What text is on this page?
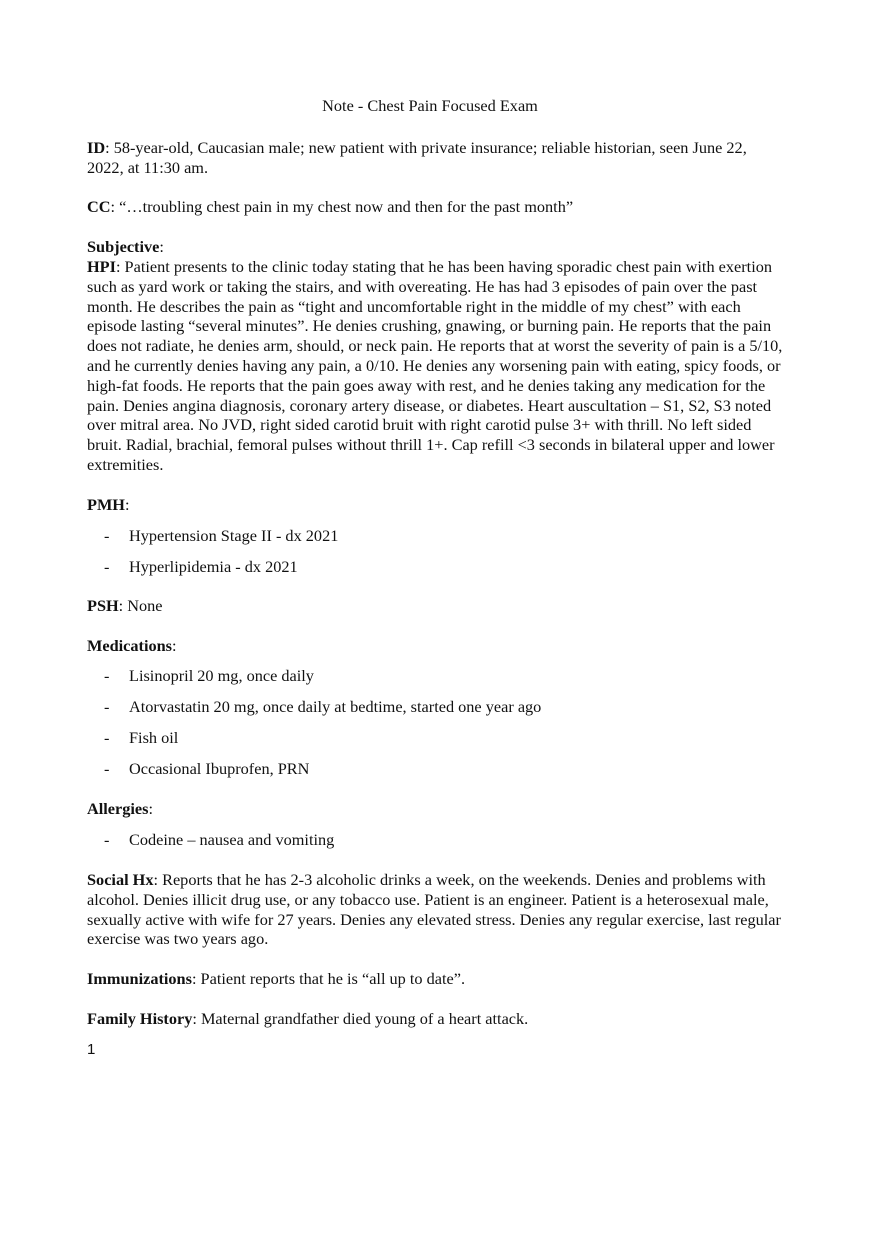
Note - Chest Pain Focused Exam
ID: 58-year-old, Caucasian male; new patient with private insurance; reliable historian, seen June 22, 2022, at 11:30 am.
CC: “…troubling chest pain in my chest now and then for the past month”
Subjective:
HPI: Patient presents to the clinic today stating that he has been having sporadic chest pain with exertion such as yard work or taking the stairs, and with overeating. He has had 3 episodes of pain over the past month. He describes the pain as “tight and uncomfortable right in the middle of my chest” with each episode lasting “several minutes”. He denies crushing, gnawing, or burning pain. He reports that the pain does not radiate, he denies arm, should, or neck pain. He reports that at worst the severity of pain is a 5/10, and he currently denies having any pain, a 0/10. He denies any worsening pain with eating, spicy foods, or high-fat foods. He reports that the pain goes away with rest, and he denies taking any medication for the pain. Denies angina diagnosis, coronary artery disease, or diabetes. Heart auscultation – S1, S2, S3 noted over mitral area. No JVD, right sided carotid bruit with right carotid pulse 3+ with thrill. No left sided bruit. Radial, brachial, femoral pulses without thrill 1+. Cap refill <3 seconds in bilateral upper and lower extremities.
PMH:
- Hypertension Stage II - dx 2021
- Hyperlipidemia - dx 2021
PSH: None
Medications:
- Lisinopril 20 mg, once daily
- Atorvastatin 20 mg, once daily at bedtime, started one year ago
- Fish oil
- Occasional Ibuprofen, PRN
Allergies:
- Codeine – nausea and vomiting
Social Hx: Reports that he has 2-3 alcoholic drinks a week, on the weekends. Denies and problems with alcohol. Denies illicit drug use, or any tobacco use. Patient is an engineer. Patient is a heterosexual male, sexually active with wife for 27 years. Denies any elevated stress. Denies any regular exercise, last regular exercise was two years ago.
Immunizations: Patient reports that he is “all up to date”.
Family History: Maternal grandfather died young of a heart attack.
1
